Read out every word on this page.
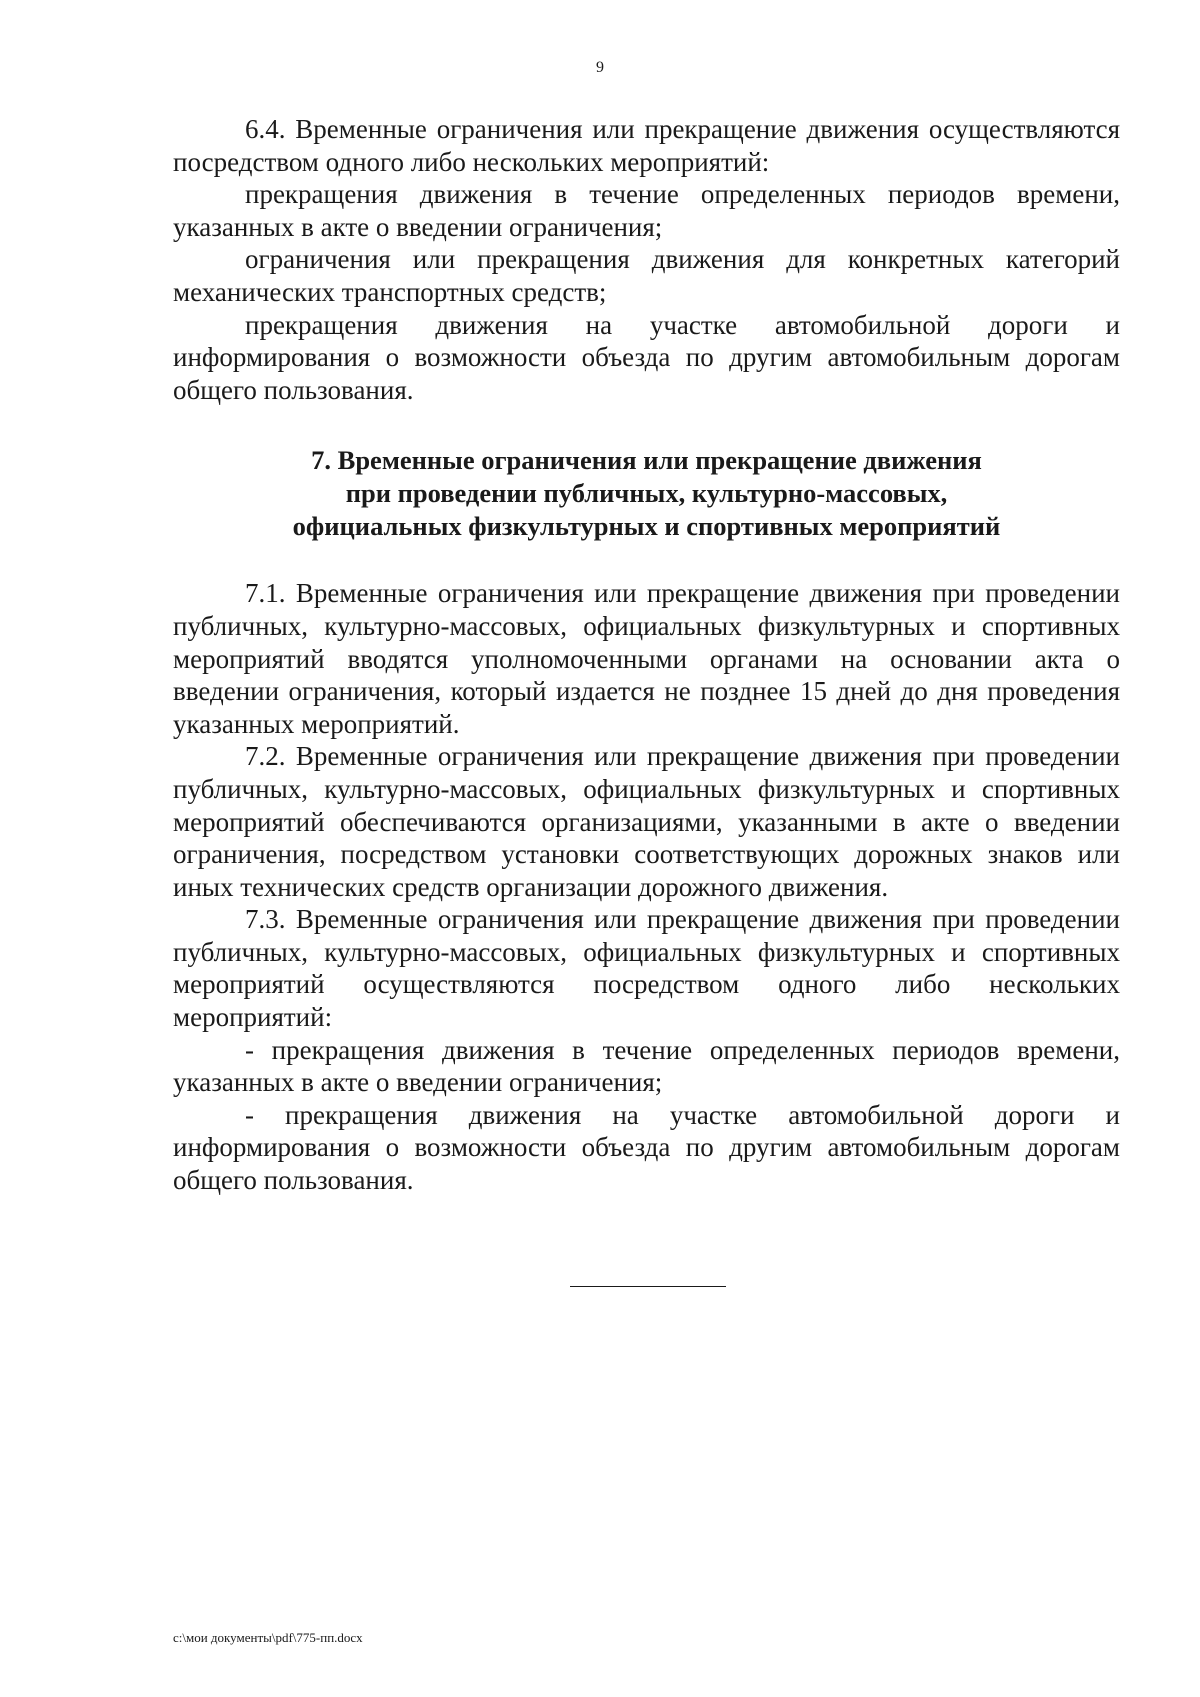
9

6.4. Временные ограничения или прекращение движения осуществляются посредством одного либо нескольких мероприятий:

прекращения движения в течение определенных периодов времени, указанных в акте о введении ограничения;

ограничения или прекращения движения для конкретных категорий механических транспортных средств;

прекращения движения на участке автомобильной дороги и информирования о возможности объезда по другим автомобильным дорогам общего пользования.

7. Временные ограничения или прекращение движения
при проведении публичных, культурно-массовых,
официальных физкультурных и спортивных мероприятий

7.1. Временные ограничения или прекращение движения при проведении публичных, культурно-массовых, официальных физкультурных и спортивных мероприятий вводятся уполномоченными органами на основании акта о введении ограничения, который издается не позднее 15 дней до дня проведения указанных мероприятий.

7.2. Временные ограничения или прекращение движения при проведении публичных, культурно-массовых, официальных физкультурных и спортивных мероприятий обеспечиваются организациями, указанными в акте о введении ограничения, посредством установки соответствующих дорожных знаков или иных технических средств организации дорожного движения.

7.3. Временные ограничения или прекращение движения при проведении публичных, культурно-массовых, официальных физкультурных и спортивных мероприятий осуществляются посредством одного либо нескольких мероприятий:

- прекращения движения в течение определенных периодов времени, указанных в акте о введении ограничения;

- прекращения движения на участке автомобильной дороги и информирования о возможности объезда по другим автомобильным дорогам общего пользования.

c:\мои документы\pdf\775-пп.docx
